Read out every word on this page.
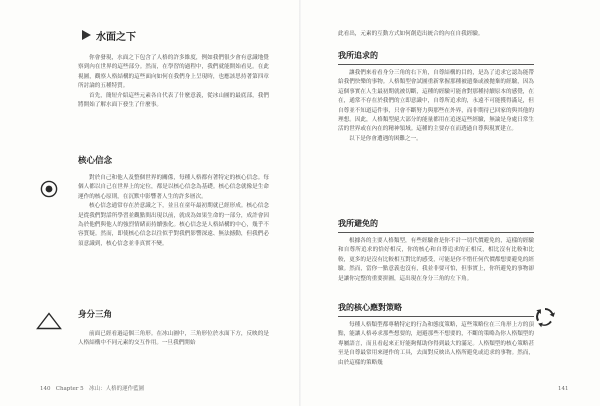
水面之下

你會發現，水面之下包含了人格的許多維度，例如我們很少會有意識地覺察到內在世界的這些部分。然而，在學習的過程中，我們就能開始看見。在此視圖，觀察人格結構的這些面向如何在我們身上呈現時，也應該思持著第四章所討論的五種特質。

首先，簡短介紹這些元素各自代表了什麼意義，從冰山圖的最底部，我們將開始了解水面下發生了什麼事。

核心信念

對於自己和他人及整個世界的關係，每種人格都有著特定的核心信念。每個人都以自己在世界上的定位，都是以核心信念為基礎。核心信念就像是生命運作的核心原則，在沉默中影響著人生的許多層次。

核心信念通常存在於意識之下，並且在童年最初期就已經形成。核心信念是從我們對話所學習並觀點間出現以前，就成為如果生命的一部分，成許會因為於他們與他人的強烈情緒而持續強化。核心信念是人格結構的中心，幾乎不容質疑。然而，即使核心信念以往似乎對我們影響深遠、無法撼動，但我們必須意識到，核心信念並非真實不變。

身分三角

前面已經看過這個三角形。在冰山圖中，三角形位於水面下方，反映的是人格結構中不同元素的交互作用。一旦我們開始

140 Chapter 5　冰山：人格的運作藍圖

此看出，元素的互動方式如何創造出統合的內在自我經驗。

我所追求的

讓我們來看看身分三角的右下角，自尊結構的目的，是為了追求它認為能帶給我們快樂的事物。人格類型會試圖重新掌握那種被遺棄或被拋棄的經驗，因為這個事實在人生最初期就被切斷，這種的經驗可能會對那種持續原本的感覺，在在，通常不存在於我們的立即意識中，自尊所追求的，永遠不可能獲得滿足，但自尊並不知道這件事，只會不斷努力與那些在外界，而非期待已回家的與其他的理想。因此，人格類型絕大部分的能量都用在追逐這些經驗，無論是身處日常生活的世界或在內在的精神領域。這種的主要存在而透過自尊與現實建立。

以下是你會遭遇的困難之一。

我所避免的

根據各的主要人格類型，有些經驗會是你不計一切代價避免的，這樣的經驗和自尊所追求的恰好相反，你的核心和自尊追求的正相反，相比沒有比較和比較，更多的是沒有比較相互對比的感受，可能是你不惜任何代價都想要避免的經驗。然而，當你一點意義也沒有，我並非要可怕，但事實上，你所避免的事物卻是讓你完整的重要拼圖，這出現在身分三角的左下角。

我的核心應對策略

每種人格類型都專精特定的行為和態度策略，這些策略位在三角形上方的頂點，能讓人格尋求那些想要的，迴避那些不想要的，不斷的策略為你人格類型的專屬語言，而且看起來正好能夠幫助你得到最大的滿足。人格類型的核心策略甚至是自尊最常用來運作的工具，去面對反映出人格所避免或追求的事物。然而，由於這樣的策略幾

141
